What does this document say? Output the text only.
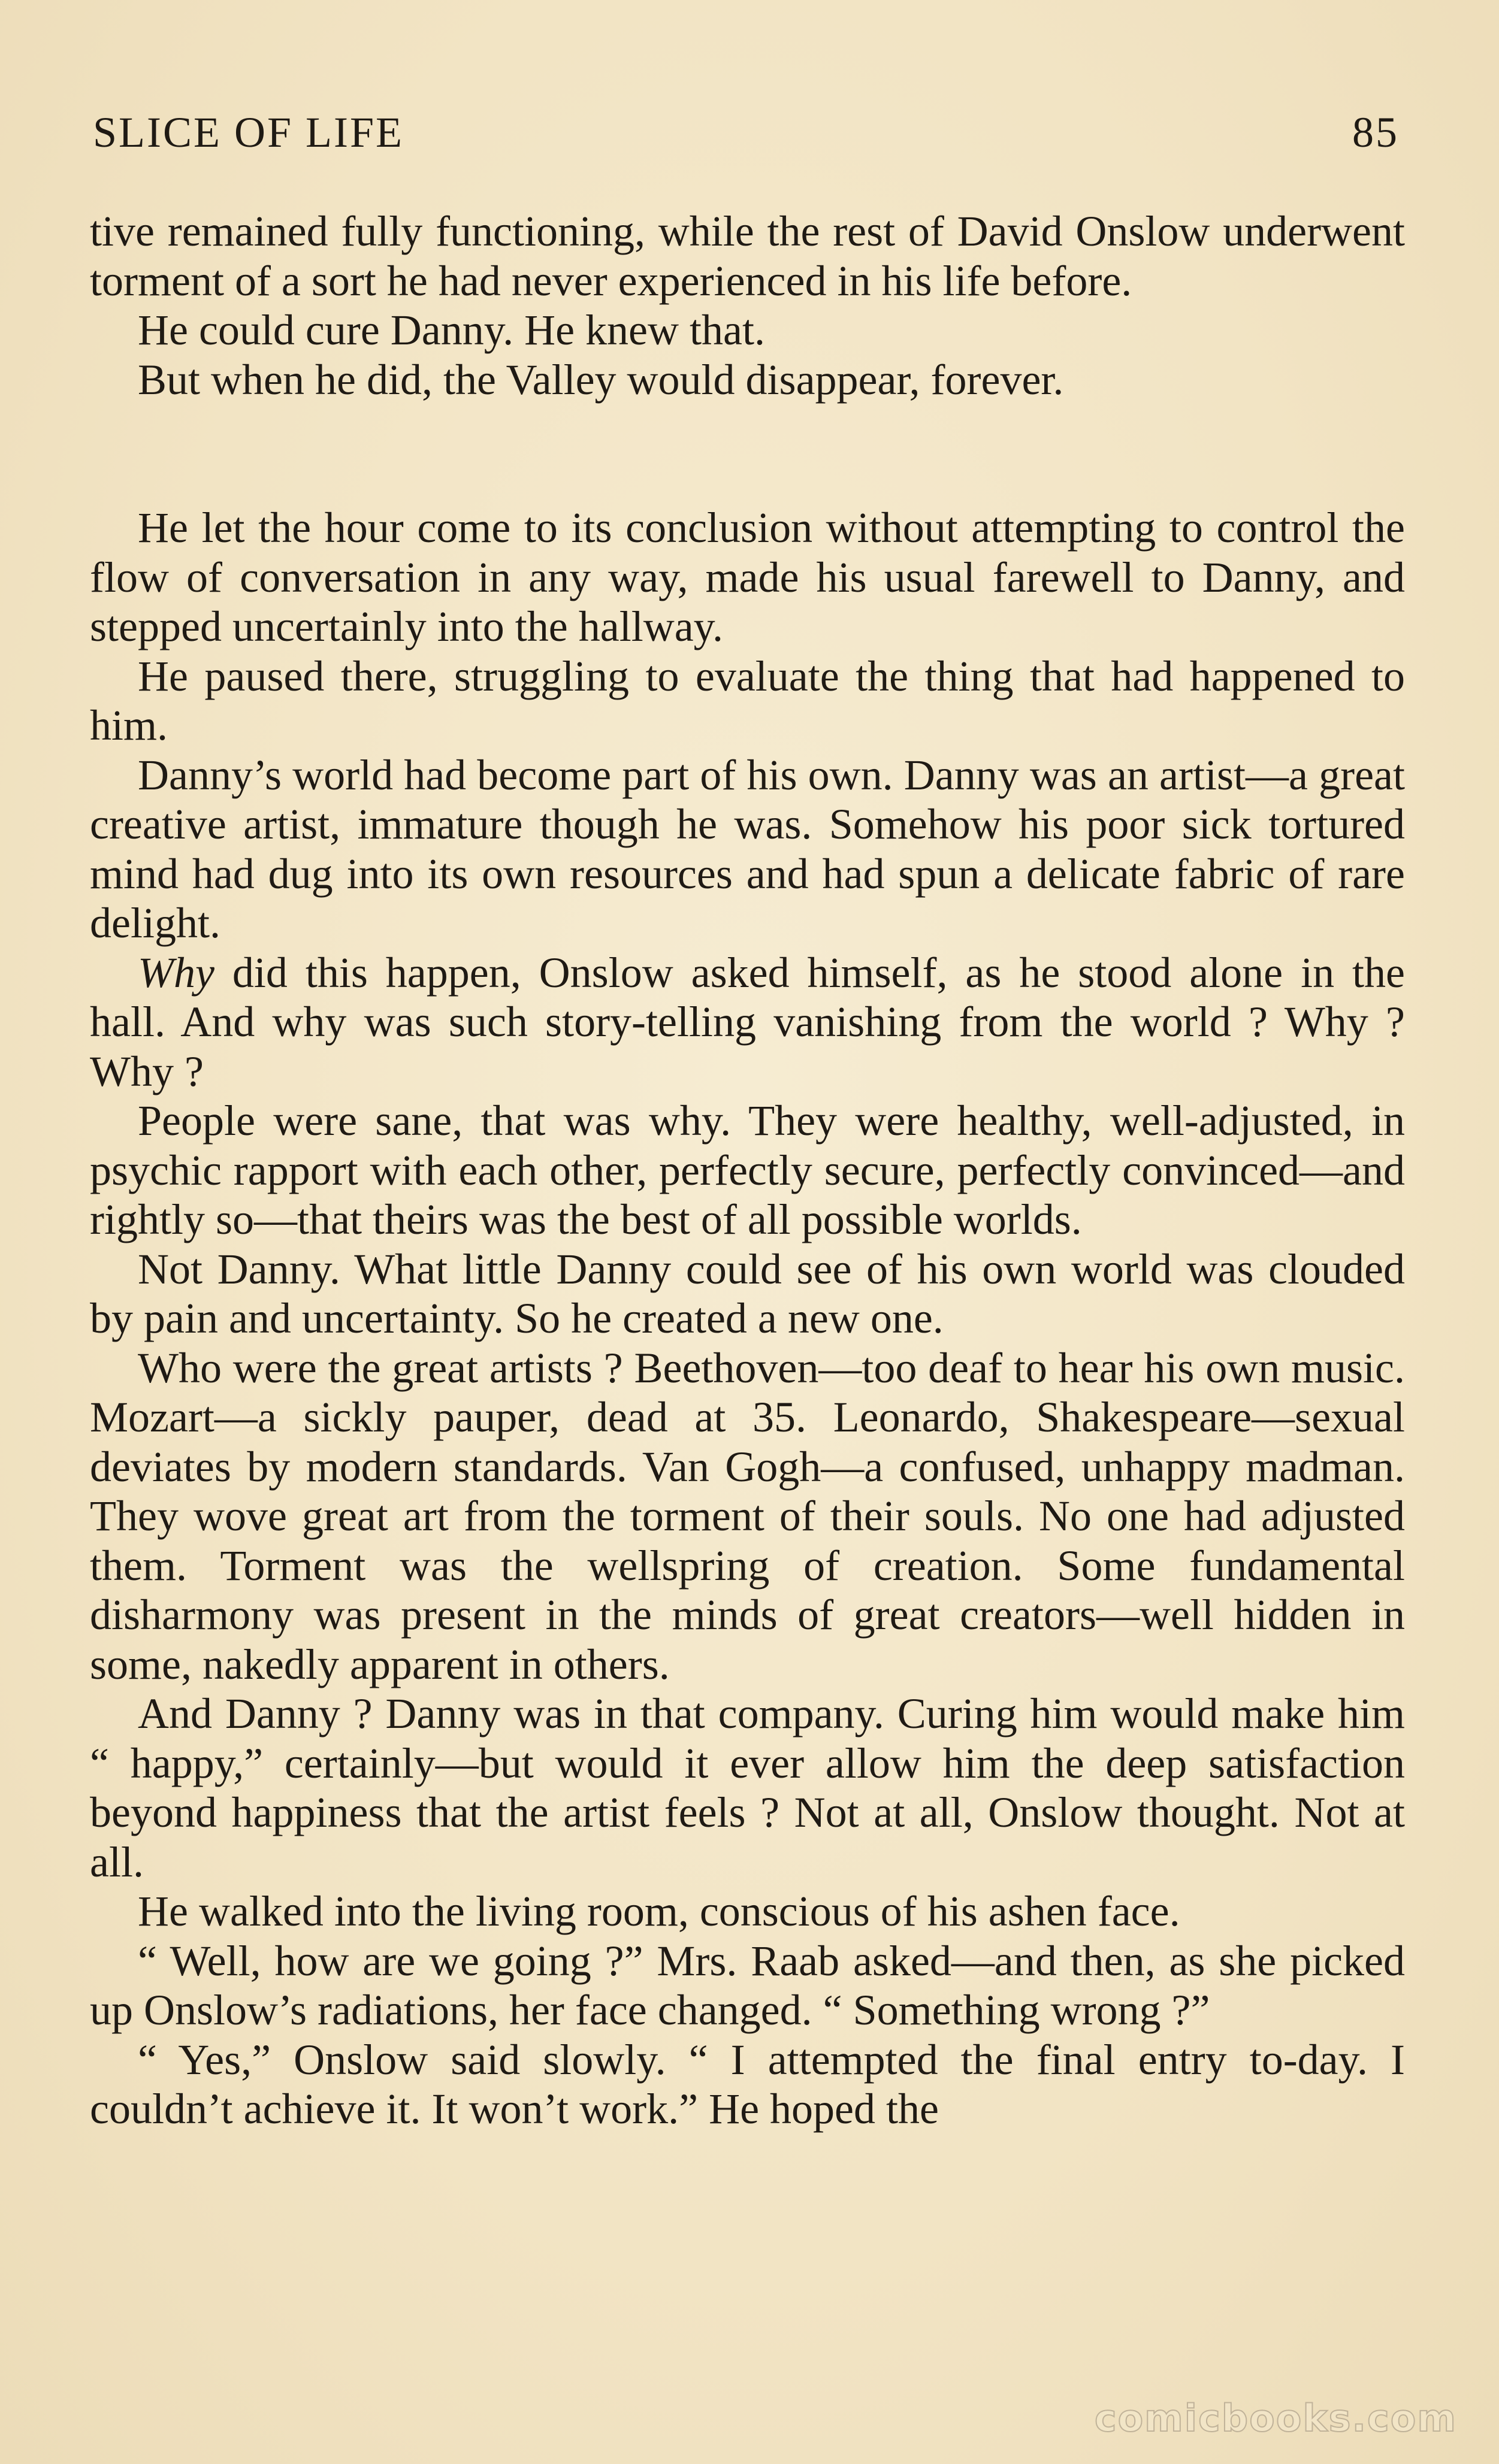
SLICE OF LIFE	85

tive remained fully functioning, while the rest of David Onslow underwent torment of a sort he had never experienced in his life before.

He could cure Danny. He knew that.

But when he did, the Valley would disappear, forever.

He let the hour come to its conclusion without attempting to control the flow of conversation in any way, made his usual farewell to Danny, and stepped uncertainly into the hallway.

He paused there, struggling to evaluate the thing that had happened to him.

Danny’s world had become part of his own. Danny was an artist—a great creative artist, immature though he was. Somehow his poor sick tortured mind had dug into its own resources and had spun a delicate fabric of rare delight.

Why did this happen, Onslow asked himself, as he stood alone in the hall. And why was such story-telling vanishing from the world ? Why ? Why ?

People were sane, that was why. They were healthy, well-adjusted, in psychic rapport with each other, perfectly secure, perfectly convinced—and rightly so—that theirs was the best of all possible worlds.

Not Danny. What little Danny could see of his own world was clouded by pain and uncertainty. So he created a new one.

Who were the great artists ? Beethoven—too deaf to hear his own music. Mozart—a sickly pauper, dead at 35. Leonardo, Shakespeare—sexual deviates by modern standards. Van Gogh—a confused, unhappy madman. They wove great art from the torment of their souls. No one had adjusted them. Torment was the wellspring of creation. Some fundamental disharmony was present in the minds of great creators—well hidden in some, nakedly apparent in others.

And Danny ? Danny was in that company. Curing him would make him “ happy,” certainly—but would it ever allow him the deep satisfaction beyond happiness that the artist feels ? Not at all, Onslow thought. Not at all.

He walked into the living room, conscious of his ashen face.

“ Well, how are we going ?” Mrs. Raab asked—and then, as she picked up Onslow’s radiations, her face changed. “ Something wrong ?”

“ Yes,” Onslow said slowly. “ I attempted the final entry to-day. I couldn’t achieve it. It won’t work.” He hoped the

comicbooks.com
